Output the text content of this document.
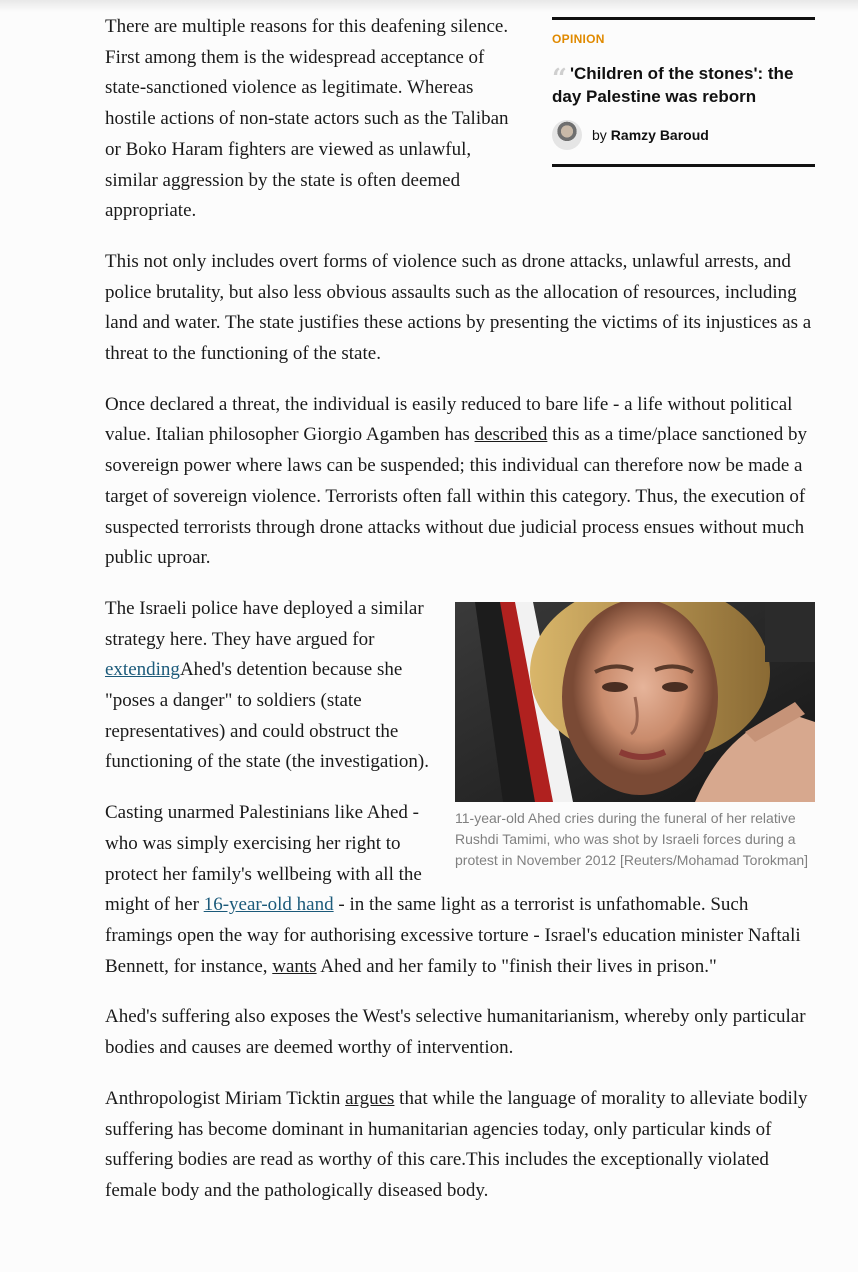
OPINION
“ 'Children of the stones': the day Palestine was reborn
by Ramzy Baroud

There are multiple reasons for this deafening silence. First among them is the widespread acceptance of state-sanctioned violence as legitimate. Whereas hostile actions of non-state actors such as the Taliban or Boko Haram fighters are viewed as unlawful, similar aggression by the state is often deemed appropriate.

This not only includes overt forms of violence such as drone attacks, unlawful arrests, and police brutality, but also less obvious assaults such as the allocation of resources, including land and water. The state justifies these actions by presenting the victims of its injustices as a threat to the functioning of the state.

Once declared a threat, the individual is easily reduced to bare life - a life without political value. Italian philosopher Giorgio Agamben has described this as a time/place sanctioned by sovereign power where laws can be suspended; this individual can therefore now be made a target of sovereign violence. Terrorists often fall within this category. Thus, the execution of suspected terrorists through drone attacks without due judicial process ensues without much public uproar.

11-year-old Ahed cries during the funeral of her relative Rushdi Tamimi, who was shot by Israeli forces during a protest in November 2012 [Reuters/Mohamad Torokman]

The Israeli police have deployed a similar strategy here. They have argued for extendingAhed's detention because she "poses a danger" to soldiers (state representatives) and could obstruct the functioning of the state (the investigation).

Casting unarmed Palestinians like Ahed - who was simply exercising her right to protect her family's wellbeing with all the might of her 16-year-old hand - in the same light as a terrorist is unfathomable. Such framings open the way for authorising excessive torture - Israel's education minister Naftali Bennett, for instance, wants Ahed and her family to "finish their lives in prison."

Ahed's suffering also exposes the West's selective humanitarianism, whereby only particular bodies and causes are deemed worthy of intervention.

Anthropologist Miriam Ticktin argues that while the language of morality to alleviate bodily suffering has become dominant in humanitarian agencies today, only particular kinds of suffering bodies are read as worthy of this care.This includes the exceptionally violated female body and the pathologically diseased body.
